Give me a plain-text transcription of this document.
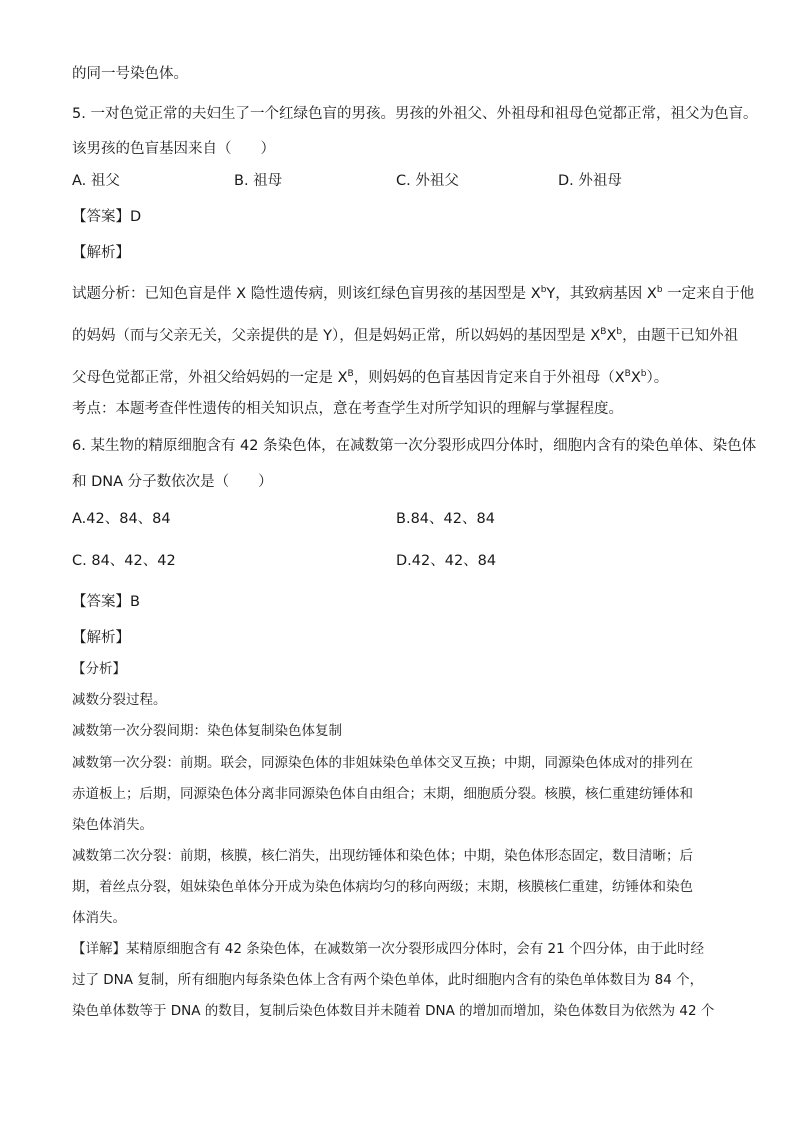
的同一号染色体。
5. 一对色觉正常的夫妇生了一个红绿色盲的男孩。男孩的外祖父、外祖母和祖母色觉都正常，祖父为色盲。
该男孩的色盲基因来自（　　）
A. 祖父	B. 祖母	C. 外祖父	D. 外祖母
【答案】D
【解析】
试题分析：已知色盲是伴 X 隐性遗传病，则该红绿色盲男孩的基因型是 $X^bY$，其致病基因 $X^b$ 一定来自于他
的妈妈（而与父亲无关，父亲提供的是 Y），但是妈妈正常，所以妈妈的基因型是 $X^BX^b$，由题干已知外祖
父母色觉都正常，外祖父给妈妈的一定是 $X^B$，则妈妈的色盲基因肯定来自于外祖母$(X^BX^b)$。
考点：本题考查伴性遗传的相关知识点，意在考查学生对所学知识的理解与掌握程度。
6. 某生物的精原细胞含有 42 条染色体，在减数第一次分裂形成四分体时，细胞内含有的染色单体、染色体
和 DNA 分子数依次是（　　）
A.42、84、84	B.84、42、84
C. 84、42、42	D.42、42、84
【答案】B
【解析】
【分析】
减数分裂过程。
减数第一次分裂间期：染色体复制染色体复制
减数第一次分裂：前期。联会，同源染色体的非姐妹染色单体交叉互换；中期，同源染色体成对的排列在
赤道板上；后期，同源染色体分离非同源染色体自由组合；末期，细胞质分裂。核膜，核仁重建纺锤体和
染色体消失。
减数第二次分裂：前期，核膜，核仁消失，出现纺锤体和染色体；中期，染色体形态固定，数目清晰；后
期，着丝点分裂，姐妹染色单体分开成为染色体病均匀的移向两级；末期，核膜核仁重建，纺锤体和染色
体消失。
【详解】某精原细胞含有 42 条染色体，在减数第一次分裂形成四分体时，会有 21 个四分体，由于此时经
过了 DNA 复制，所有细胞内每条染色体上含有两个染色单体，此时细胞内含有的染色单体数目为 84 个，
染色单体数等于 DNA 的数目，复制后染色体数目并未随着 DNA 的增加而增加，染色体数目为依然为 42 个
